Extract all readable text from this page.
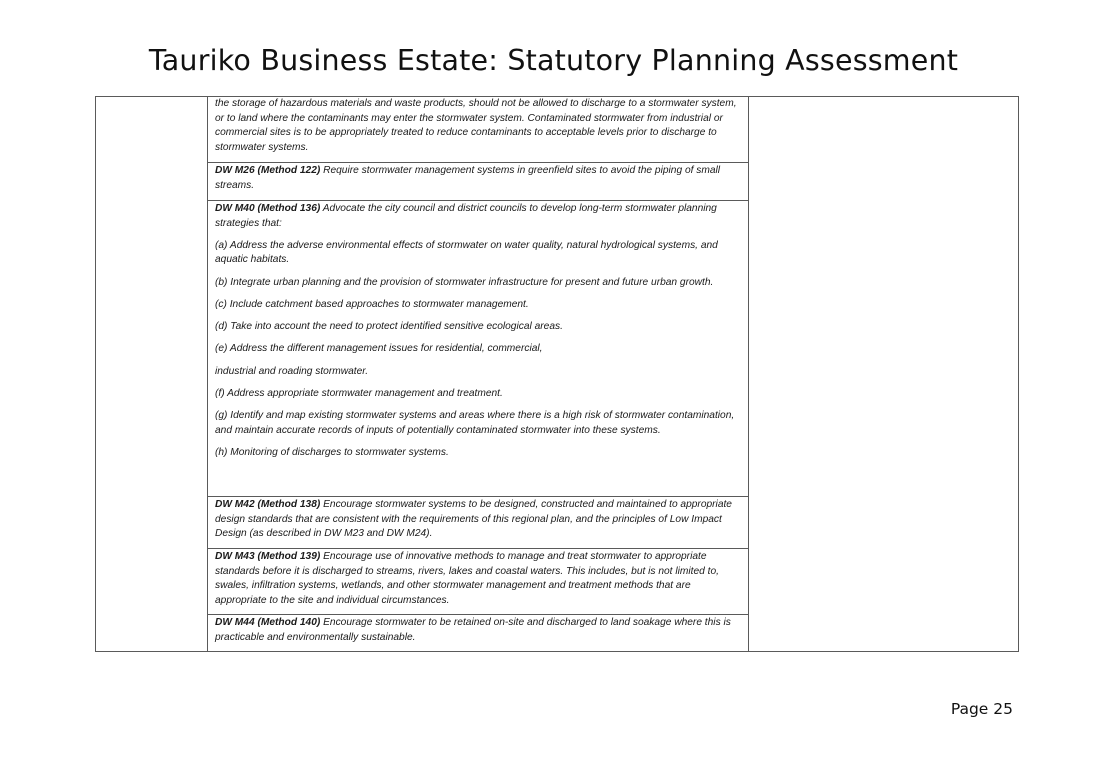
Tauriko Business Estate: Statutory Planning Assessment

the storage of hazardous materials and waste products, should not be allowed to discharge to a stormwater system, or to land where the contaminants may enter the stormwater system. Contaminated stormwater from industrial or commercial sites is to be appropriately treated to reduce contaminants to acceptable levels prior to discharge to stormwater systems.

DW M26 (Method 122) Require stormwater management systems in greenfield sites to avoid the piping of small streams.

DW M40 (Method 136) Advocate the city council and district councils to develop long-term stormwater planning strategies that:

(a) Address the adverse environmental effects of stormwater on water quality, natural hydrological systems, and aquatic habitats.

(b) Integrate urban planning and the provision of stormwater infrastructure for present and future urban growth.

(c) Include catchment based approaches to stormwater management.

(d) Take into account the need to protect identified sensitive ecological areas.

(e) Address the different management issues for residential, commercial,

industrial and roading stormwater.

(f) Address appropriate stormwater management and treatment.

(g) Identify and map existing stormwater systems and areas where there is a high risk of stormwater contamination, and maintain accurate records of inputs of potentially contaminated stormwater into these systems.

(h) Monitoring of discharges to stormwater systems.

DW M42 (Method 138) Encourage stormwater systems to be designed, constructed and maintained to appropriate design standards that are consistent with the requirements of this regional plan, and the principles of Low Impact Design (as described in DW M23 and DW M24).

DW M43 (Method 139) Encourage use of innovative methods to manage and treat stormwater to appropriate standards before it is discharged to streams, rivers, lakes and coastal waters. This includes, but is not limited to, swales, infiltration systems, wetlands, and other stormwater management and treatment methods that are appropriate to the site and individual circumstances.

DW M44 (Method 140) Encourage stormwater to be retained on-site and discharged to land soakage where this is practicable and environmentally sustainable.

Page 25
